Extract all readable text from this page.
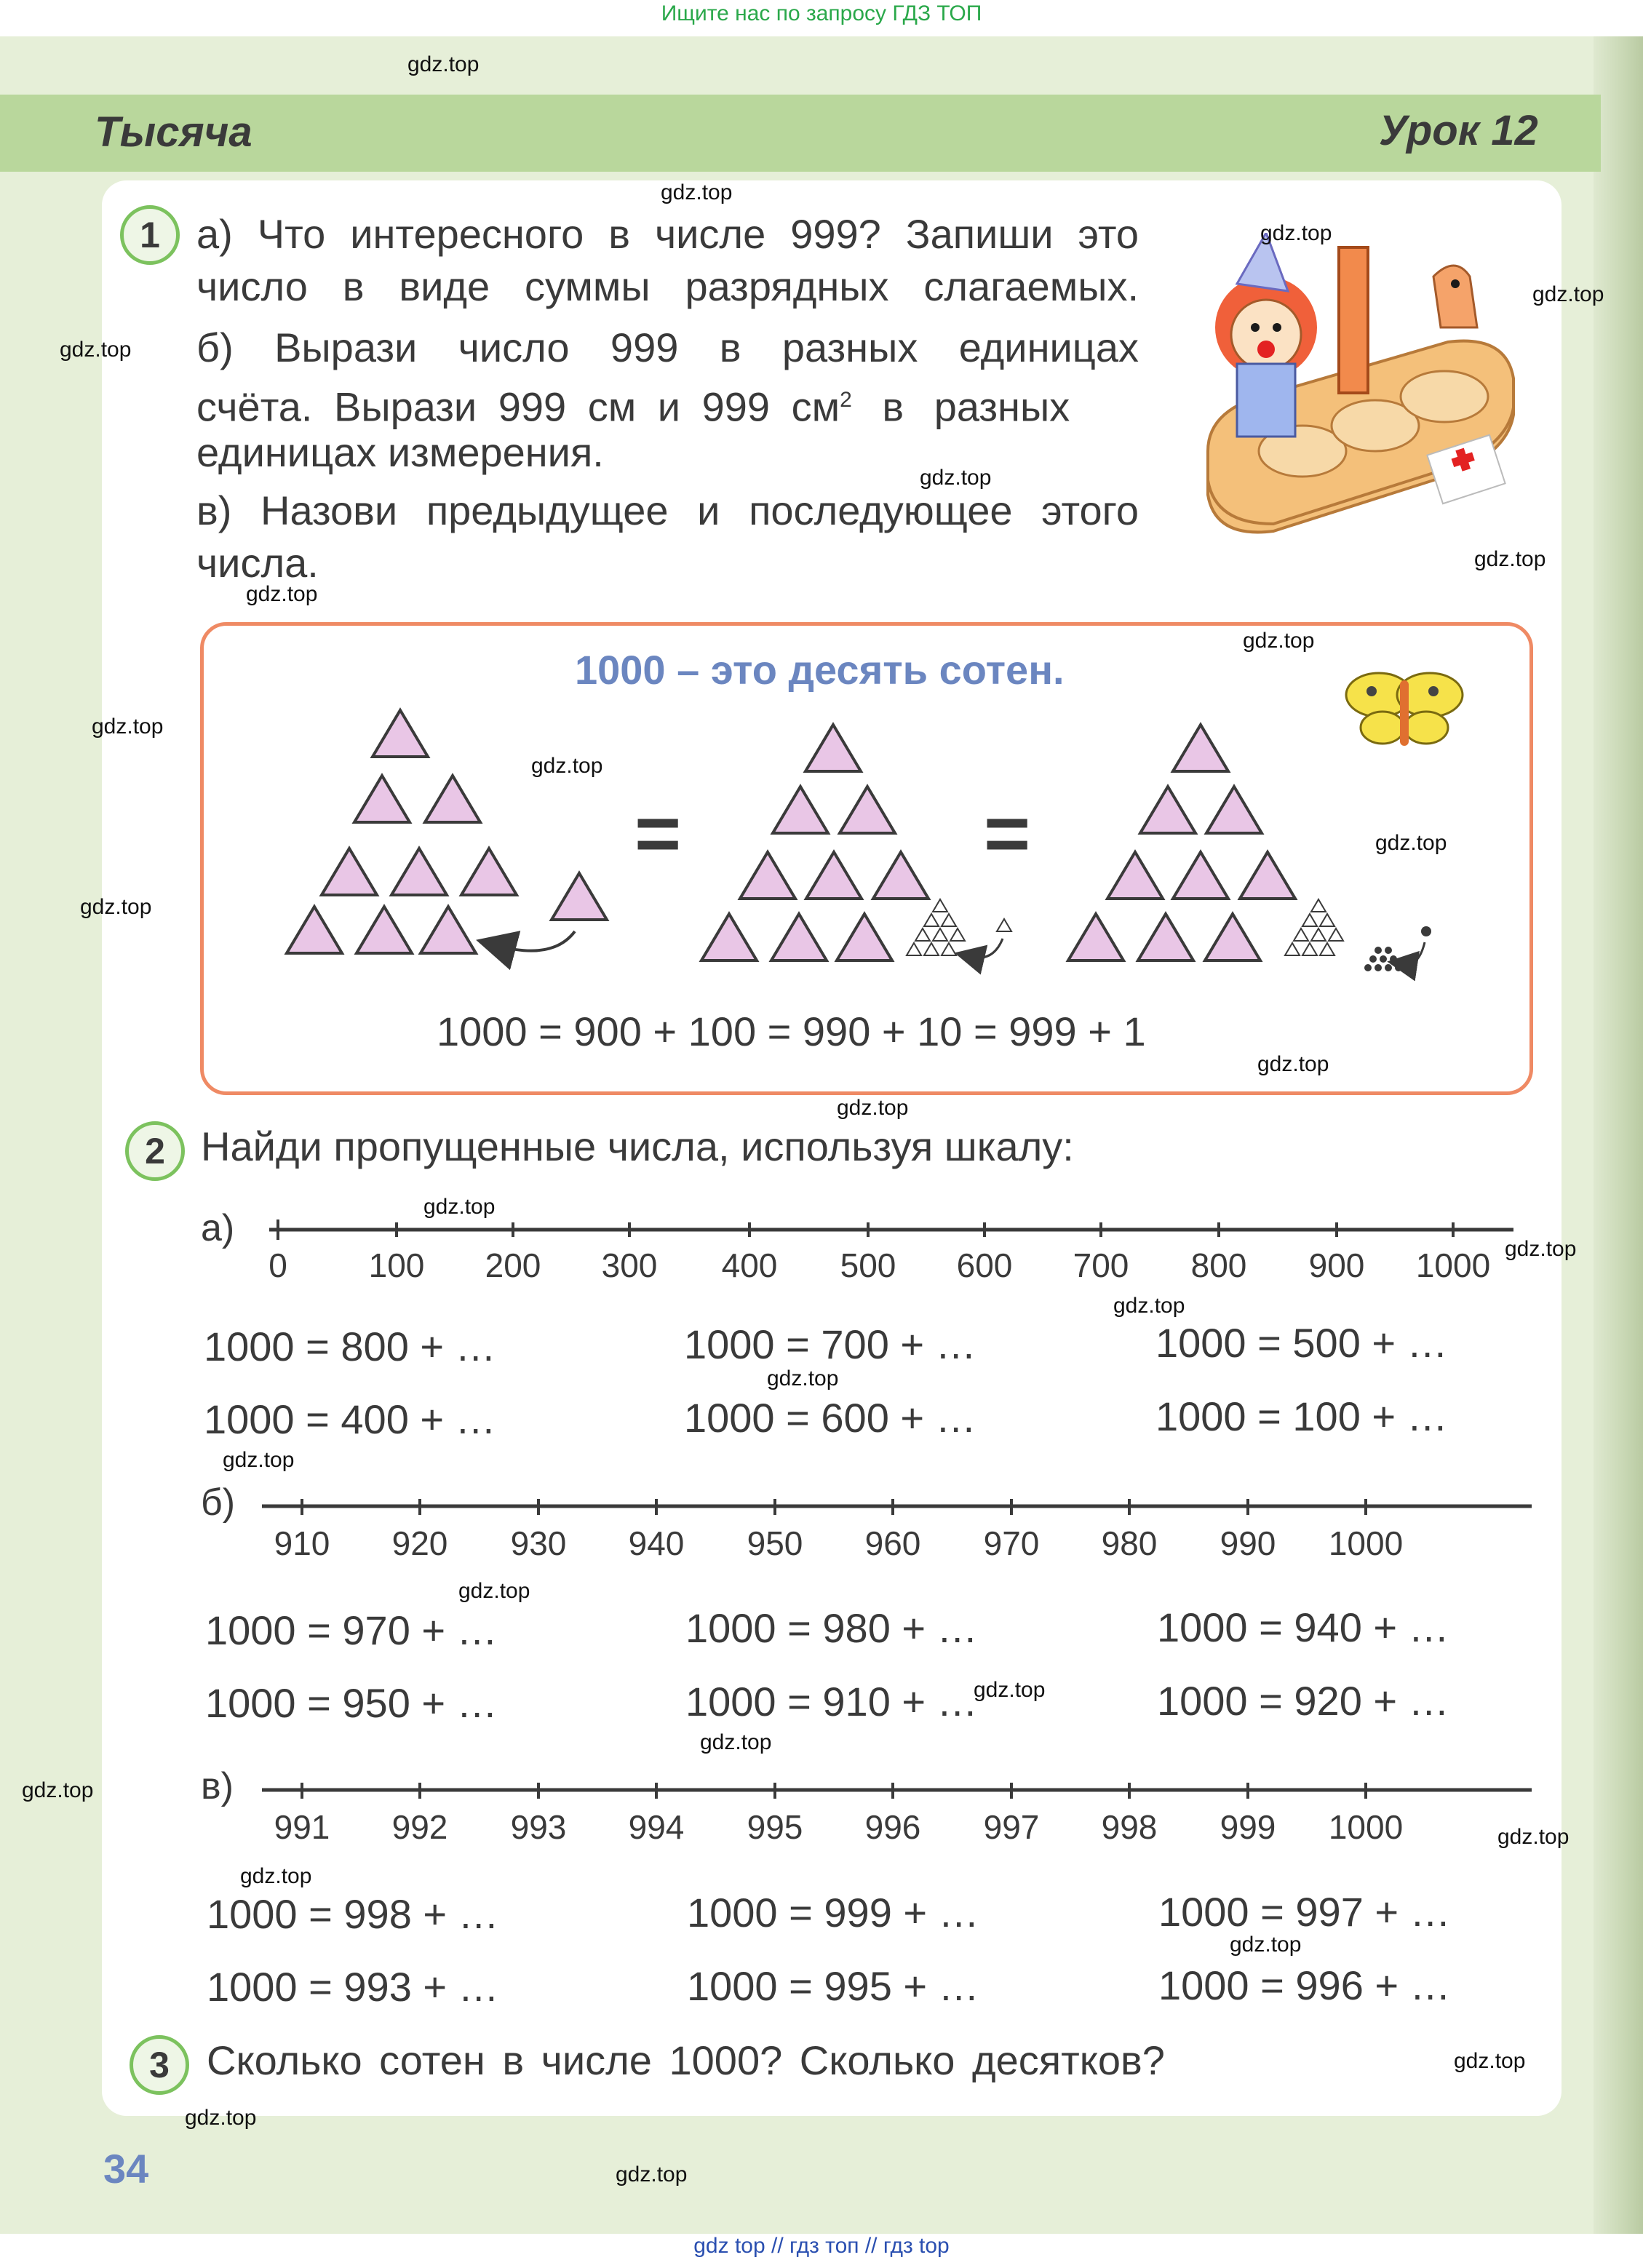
Ищите нас по запросу ГДЗ ТОП
gdz top // гдз топ // гдз top
Тысяча	Урок 12
1 а) Что интересного в числе 999? Запиши это
число в виде суммы разрядных слагаемых.
б) Вырази число 999 в разных единицах
счёта. Вырази 999 см и 999 $см^2$ в разных
единицах измерения.
в) Назови предыдущее и последующее этого
числа.
1000 – это десять сотен.
=	=
1000 = 900 + 100 = 990 + 10 = 999 + 1
2 Найди пропущенные числа, используя шкалу:
а)
0 100 200 300 400 500 600 700 800 900 1000
1000 = 800 + …	1000 = 700 + …	1000 = 500 + …
1000 = 400 + …	1000 = 600 + …	1000 = 100 + …
б)
910 920 930 940 950 960 970 980 990 1000
1000 = 970 + …	1000 = 980 + …	1000 = 940 + …
1000 = 950 + …	1000 = 910 + …	1000 = 920 + …
в)
991 992 993 994 995 996 997 998 999 1000
1000 = 998 + …	1000 = 999 + …	1000 = 997 + …
1000 = 993 + …	1000 = 995 + …	1000 = 996 + …
3 Сколько сотен в числе 1000? Сколько десятков?
34
gdz.top
gdz.top
gdz.top
gdz.top
gdz.top
gdz.top
gdz.top
gdz.top
gdz.top
gdz.top
gdz.top
gdz.top
gdz.top
gdz.top
gdz.top
gdz.top
gdz.top
gdz.top
gdz.top
gdz.top
gdz.top
gdz.top
gdz.top
gdz.top
gdz.top
gdz.top
gdz.top
gdz.top
gdz.top
gdz.top
